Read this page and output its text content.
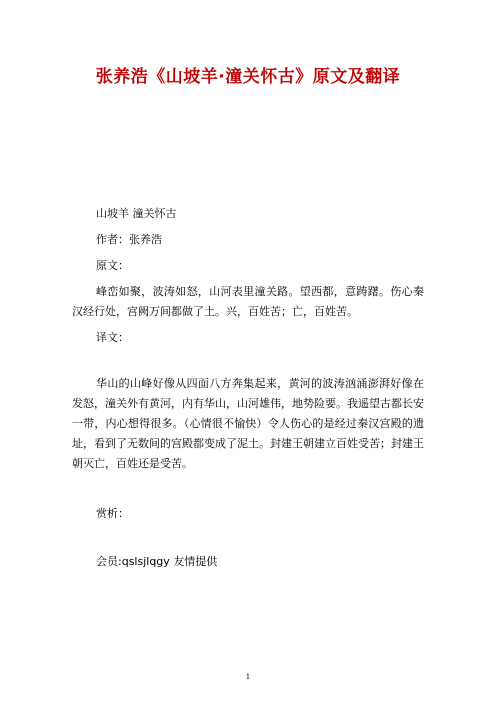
张养浩《山坡羊·潼关怀古》原文及翻译

山坡羊 潼关怀古

作者：张养浩

原文：

峰峦如聚，波涛如怒，山河表里潼关路。望西都，意踌躇。伤心秦汉经行处，宫阙万间都做了土。兴，百姓苦；亡，百姓苦。

译文：

华山的山峰好像从四面八方奔集起来，黄河的波涛汹涌澎湃好像在发怒，潼关外有黄河，内有华山，山河雄伟，地势险要。我遥望古都长安一带，内心想得很多。（心情很不愉快）令人伤心的是经过秦汉宫殿的遗址，看到了无数间的宫殿都变成了泥土。封建王朝建立百姓受苦；封建王朝灭亡，百姓还是受苦。

赏析：

会员:qslsjlqgy 友情提供

1
